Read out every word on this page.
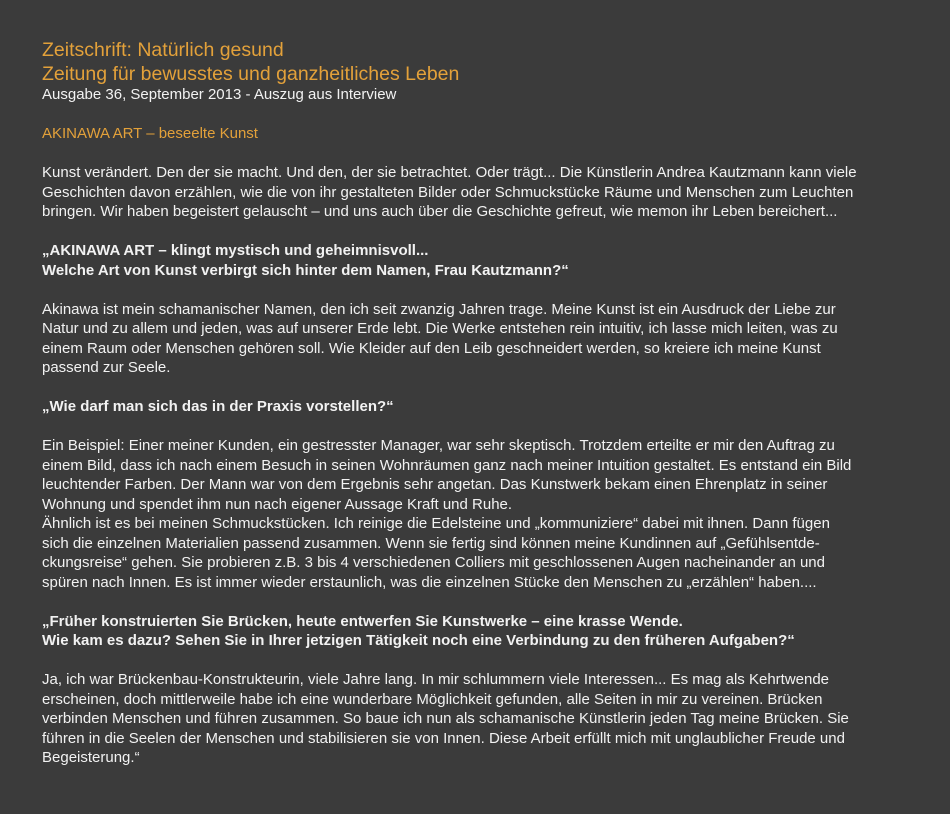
Zeitschrift: Natürlich gesund
Zeitung für bewusstes und ganzheitliches Leben

Ausgabe 36, September 2013 - Auszug aus Interview

AKINAWA ART – beseelte Kunst

Kunst verändert. Den der sie macht. Und den, der sie betrachtet. Oder trägt... Die Künstlerin Andrea Kautzmann kann viele
Geschichten davon erzählen, wie die von ihr gestalteten Bilder oder Schmuckstücke Räume und Menschen zum Leuchten
bringen. Wir haben begeistert gelauscht – und uns auch über die Geschichte gefreut, wie memon ihr Leben bereichert...
„AKINAWA ART – klingt mystisch und geheimnisvoll...
Welche Art von Kunst verbirgt sich hinter dem Namen, Frau Kautzmann?“
Akinawa ist mein schamanischer Namen, den ich seit zwanzig Jahren trage. Meine Kunst ist ein Ausdruck der Liebe zur
Natur und zu allem und jeden, was auf unserer Erde lebt. Die Werke entstehen rein intuitiv, ich lasse mich leiten, was zu
einem Raum oder Menschen gehören soll. Wie Kleider auf den Leib geschneidert werden, so kreiere ich meine Kunst
passend zur Seele.
„Wie darf man sich das in der Praxis vorstellen?“
Ein Beispiel: Einer meiner Kunden, ein gestresster Manager, war sehr skeptisch. Trotzdem erteilte er mir den Auftrag zu
einem Bild, dass ich nach einem Besuch in seinen Wohnräumen ganz nach meiner Intuition gestaltet. Es entstand ein Bild
leuchtender Farben. Der Mann war von dem Ergebnis sehr angetan. Das Kunstwerk bekam einen Ehrenplatz in seiner
Wohnung und spendet ihm nun nach eigener Aussage Kraft und Ruhe.
Ähnlich ist es bei meinen Schmuckstücken. Ich reinige die Edelsteine und „kommuniziere“ dabei mit ihnen. Dann fügen
sich die einzelnen Materialien passend zusammen. Wenn sie fertig sind können meine Kundinnen auf „Gefühlsentde-
ckungsreise“ gehen. Sie probieren z.B. 3 bis 4 verschiedenen Colliers mit geschlossenen Augen nacheinander an und
spüren nach Innen. Es ist immer wieder erstaunlich, was die einzelnen Stücke den Menschen zu „erzählen“ haben....
„Früher konstruierten Sie Brücken, heute entwerfen Sie Kunstwerke – eine krasse Wende.
Wie kam es dazu? Sehen Sie in Ihrer jetzigen Tätigkeit noch eine Verbindung zu den früheren Aufgaben?“
Ja, ich war Brückenbau-Konstrukteurin, viele Jahre lang. In mir schlummern viele Interessen... Es mag als Kehrtwende
erscheinen, doch mittlerweile habe ich eine wunderbare Möglichkeit gefunden, alle Seiten in mir zu vereinen. Brücken
verbinden Menschen und führen zusammen. So baue ich nun als schamanische Künstlerin jeden Tag meine Brücken. Sie
führen in die Seelen der Menschen und stabilisieren sie von Innen. Diese Arbeit erfüllt mich mit unglaublicher Freude und
Begeisterung.“
